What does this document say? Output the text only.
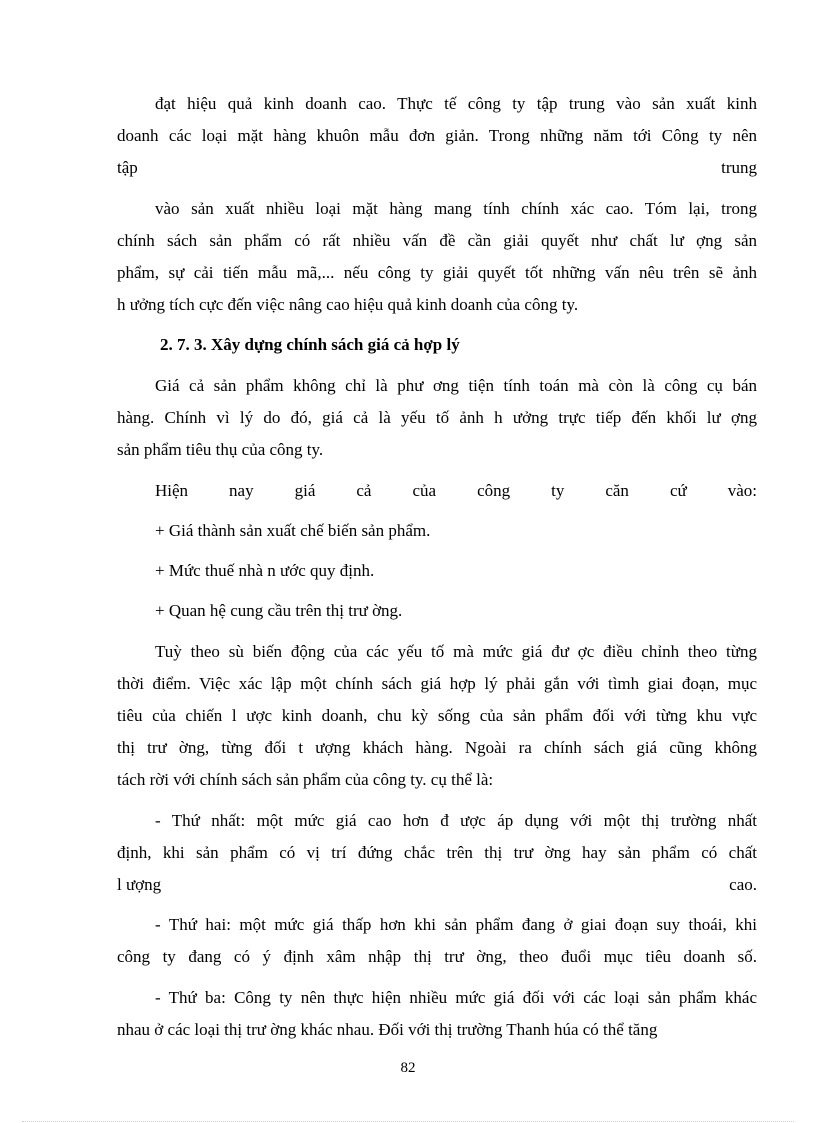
đạt hiệu quả kinh doanh cao. Thực tế công ty tập trung vào sản xuất kinh
doanh các loại mặt hàng khuôn mẫu đơn giản. Trong những năm tới Công ty nên
tập	trung
vào sản xuất nhiều loại mặt hàng mang tính chính xác cao. Tóm lại, trong
chính sách sản phẩm có rất nhiều vấn đề cần giải quyết như chất lư ợng sản
phẩm, sự cải tiến mẫu mã,... nếu công ty giải quyết tốt những vấn nêu trên sẽ ảnh
h ưởng tích cực đến việc nâng cao hiệu quả kinh doanh của công ty.
2. 7. 3. Xây dựng chính sách giá cả hợp lý
Giá cả sản phẩm không chỉ là phư ơng tiện tính toán mà còn là công cụ bán
hàng. Chính vì lý do đó, giá cả là yếu tố ảnh h ưởng trực tiếp đến khối lư ợng
sản phẩm tiêu thụ của công ty.
Hiện nay giá cả của công ty căn cứ vào:
+ Giá thành sản xuất chế biến sản phẩm.
+ Mức thuế nhà n ước quy định.
+ Quan hệ cung cầu trên thị trư ờng.
Tuỳ theo sù biến động của các yếu tố mà mức giá đư ợc điều chỉnh theo từng
thời điểm. Việc xác lập một chính sách giá hợp lý phải gắn với tìmh giai đoạn, mục
tiêu của chiến l ược kinh doanh, chu kỳ sống của sản phẩm đối với từng khu vực
thị trư ờng, từng đối t ượng khách hàng. Ngoài ra chính sách giá cũng không
tách rời với chính sách sản phẩm của công ty. cụ thể là:
- Thứ nhất: một mức giá cao hơn đ ược áp dụng với một thị trường nhất
định, khi sản phẩm có vị trí đứng chắc trên thị trư ờng hay sản phẩm có chất
l ượng	cao.
- Thứ hai: một mức giá thấp hơn khi sản phẩm đang ở giai đoạn suy thoái, khi
công ty đang có ý định xâm nhập thị trư ờng, theo đuổi mục tiêu doanh số.
- Thứ ba: Công ty nên thực hiện nhiều mức giá đối với các loại sản phẩm khác
nhau ở các loại thị trư ờng khác nhau. Đối với thị trường Thanh húa có thể tăng
82
